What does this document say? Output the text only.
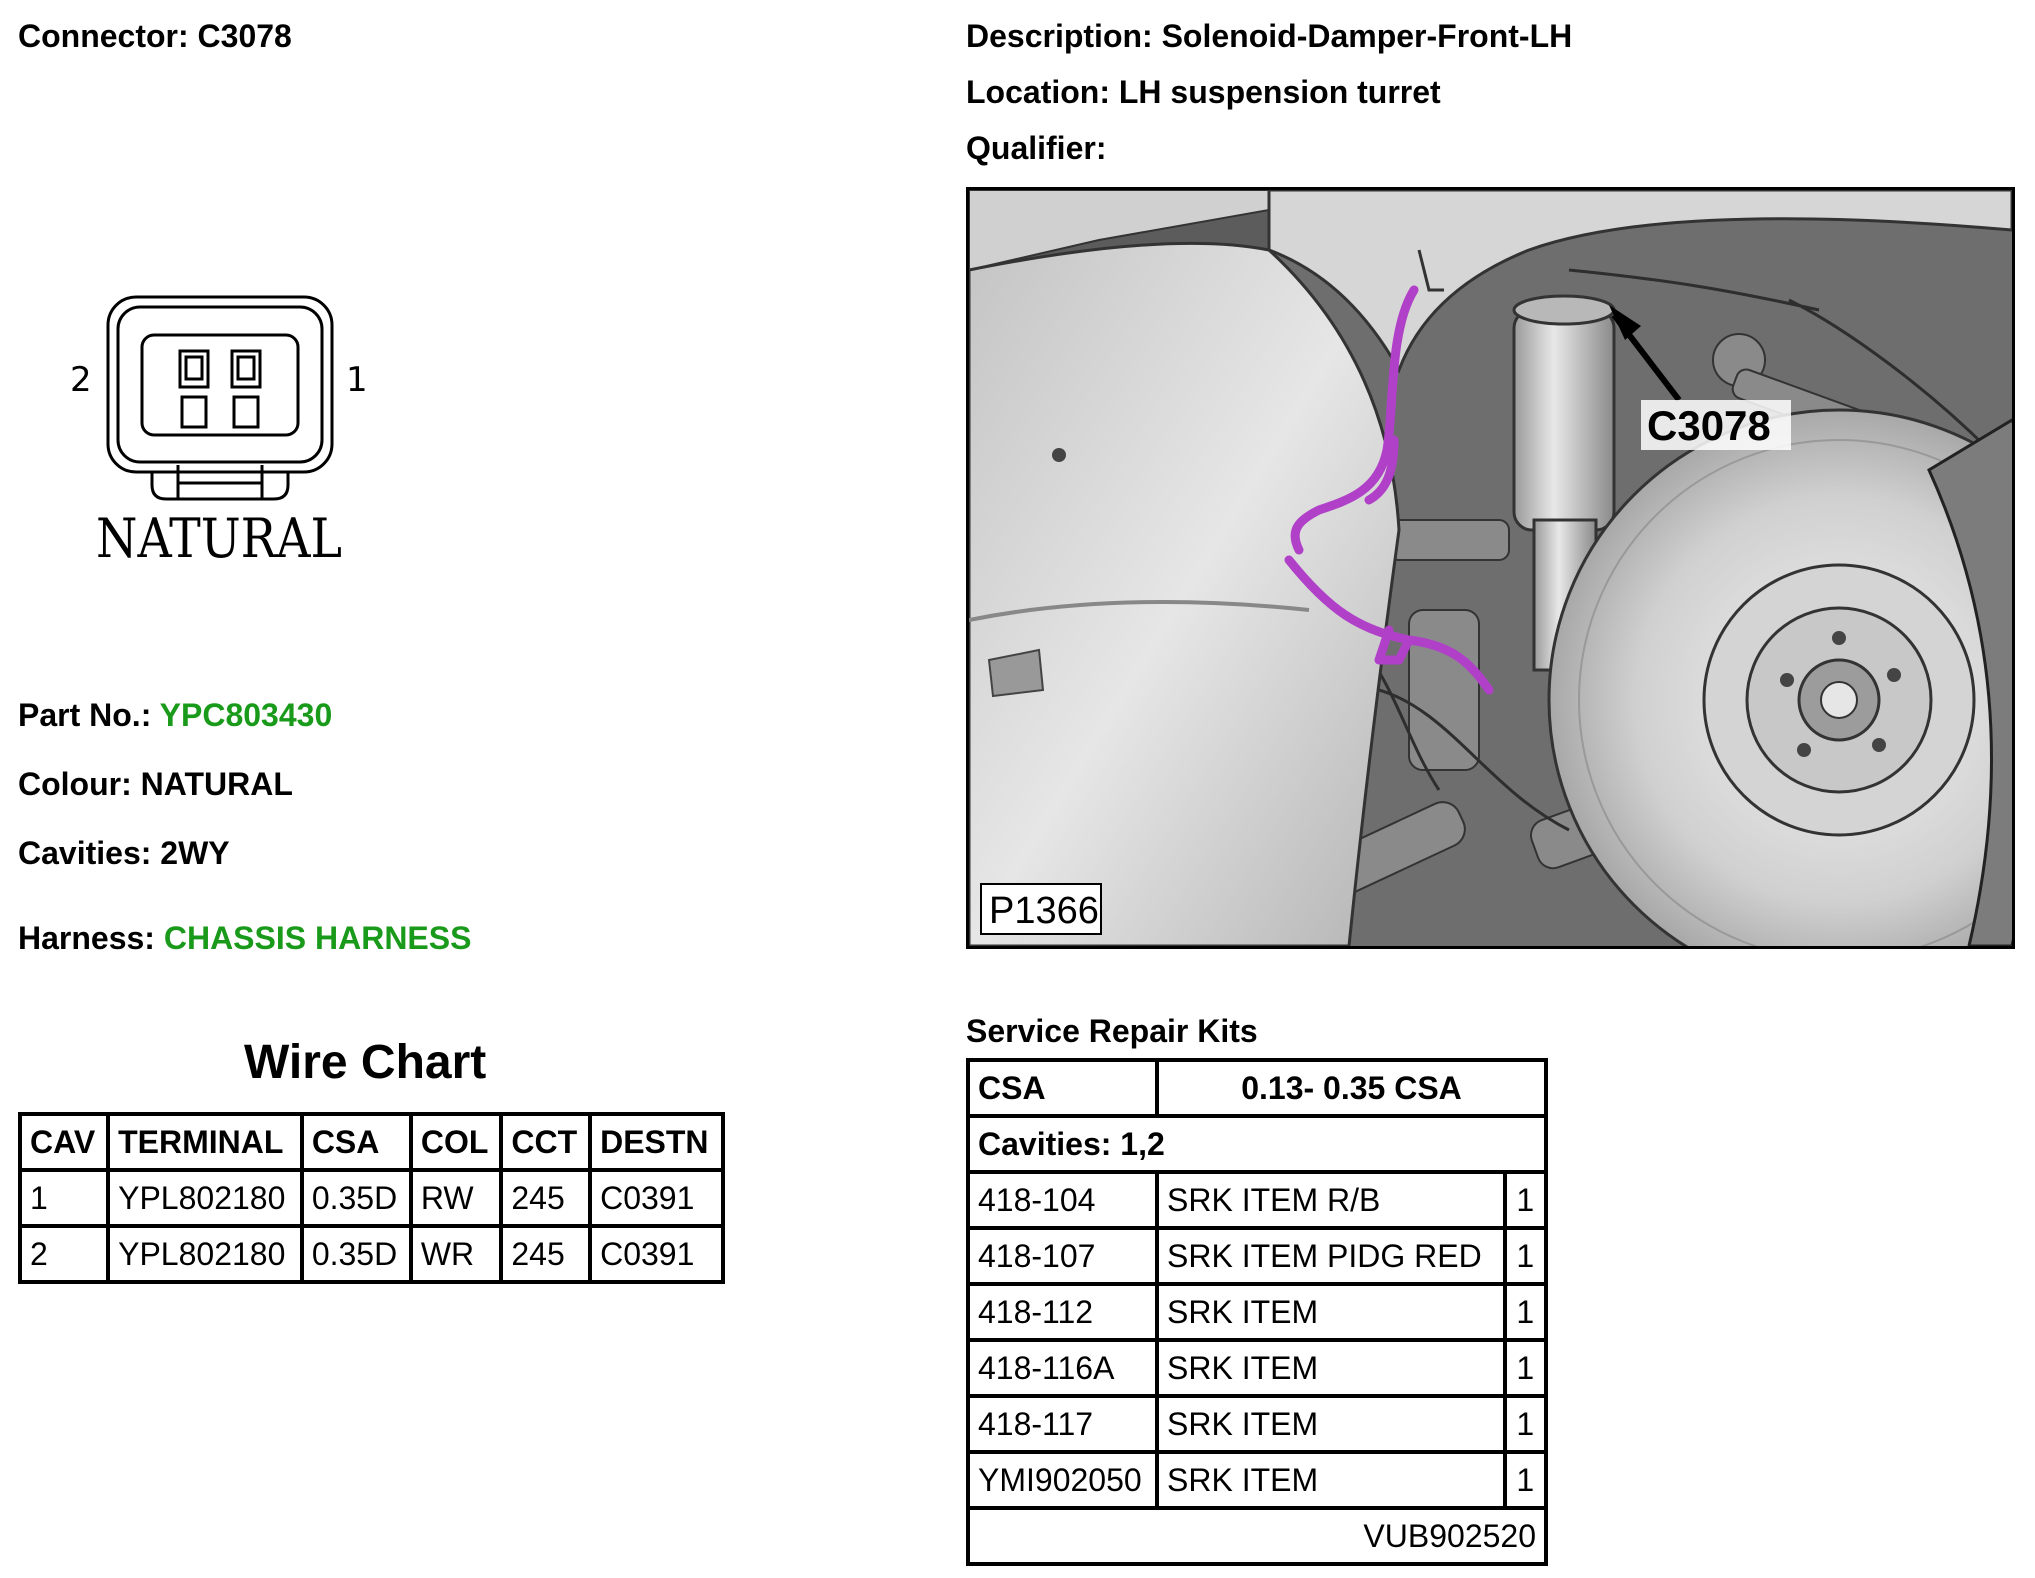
Connector: C3078	Description: Solenoid-Damper-Front-LH
Location: LH suspension turret
Qualifier:
2	1
NATURAL
Part No.: YPC803430
Colour: NATURAL
Cavities: 2WY
Harness: CHASSIS HARNESS
C3078
P1366
Wire Chart
CAV	TERMINAL	CSA	COL	CCT	DESTN
1	YPL802180	0.35D	RW	245	C0391
2	YPL802180	0.35D	WR	245	C0391
Service Repair Kits
CSA	0.13- 0.35 CSA	
Cavities: 1,2		
418-104	SRK ITEM R/B	1
418-107	SRK ITEM PIDG RED	1
418-112	SRK ITEM	1
418-116A	SRK ITEM	1
418-117	SRK ITEM	1
YMI902050	SRK ITEM	1
VUB902520		
